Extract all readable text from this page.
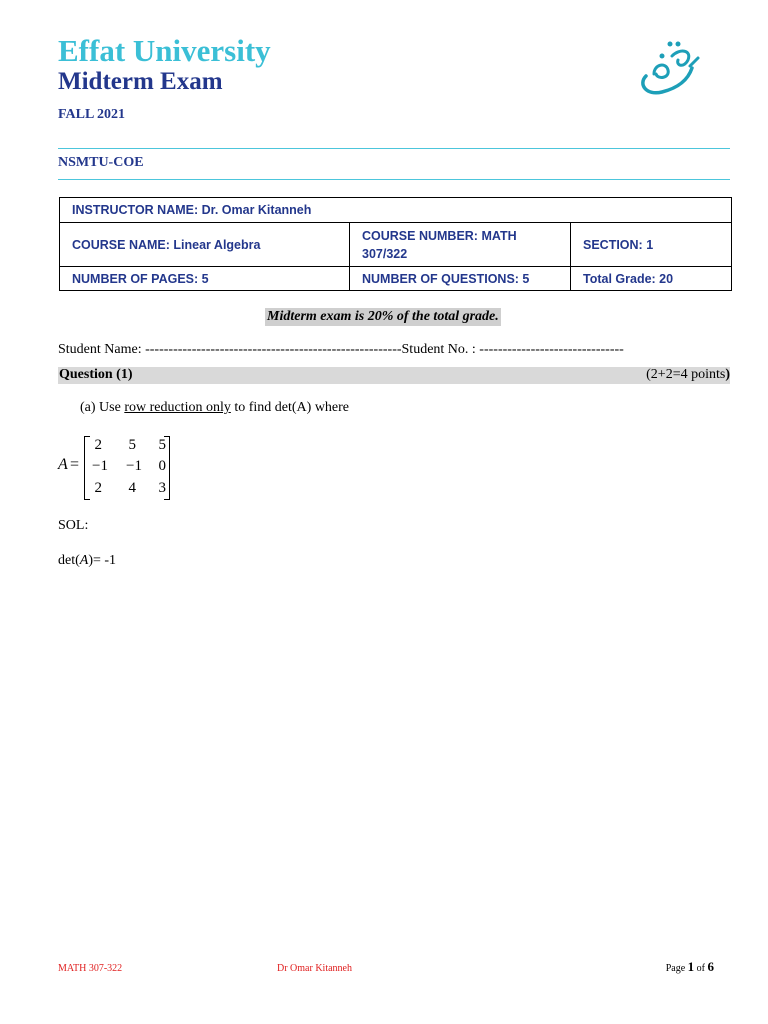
Effat University
Midterm Exam
FALL 2021
NSMTU-COE
INSTRUCTOR NAME: Dr. Omar Kitanneh		
COURSE NAME: Linear Algebra	COURSE NUMBER: MATH 307/322	SECTION: 1
NUMBER OF PAGES: 5	NUMBER OF QUESTIONS: 5	Total Grade: 20
Midterm exam is 20% of the total grade.
Student Name: -------------------------------------------------------Student No. : -------------------------------
Question (1)	(2+2=4 points)
(a) Use row reduction only to find det(A) where
A =
2	5	5
−1	−1	0
2	4	3
SOL:
det(A)= -1
MATH 307-322	Dr Omar Kitanneh	Page 1 of 6
